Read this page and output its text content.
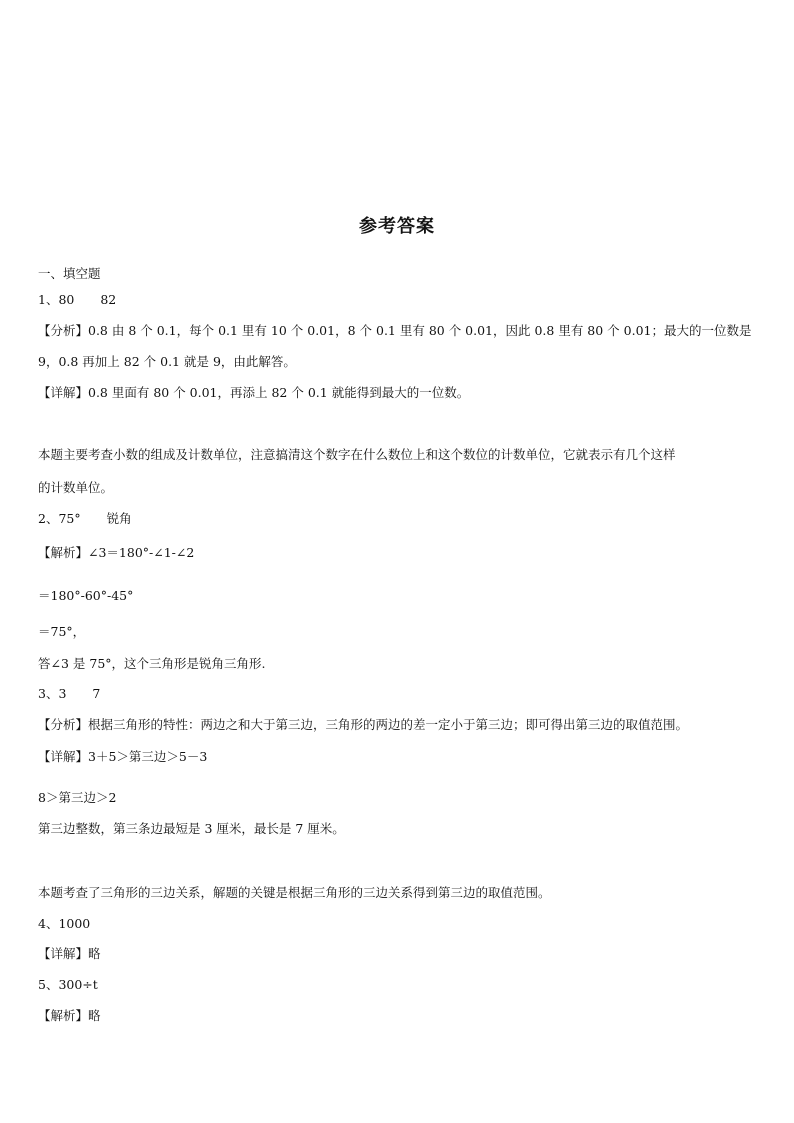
参考答案
一、填空题
1、80 82
【分析】0.8 由 8 个 0.1，每个 0.1 里有 10 个 0.01，8 个 0.1 里有 80 个 0.01，因此 0.8 里有 80 个 0.01；最大的一位数是
9，0.8 再加上 82 个 0.1 就是 9，由此解答。
【详解】0.8 里面有 80 个 0.01，再添上 82 个 0.1 就能得到最大的一位数。
本题主要考查小数的组成及计数单位，注意搞清这个数字在什么数位上和这个数位的计数单位，它就表示有几个这样
的计数单位。
2、75° 锐角
【解析】∠3＝180°-∠1-∠2
＝180°-60°-45°
＝75°，
答∠3 是 75°，这个三角形是锐角三角形.
3、3 7
【分析】根据三角形的特性：两边之和大于第三边，三角形的两边的差一定小于第三边；即可得出第三边的取值范围。
【详解】3＋5＞第三边＞5－3
8＞第三边＞2
第三边整数，第三条边最短是 3 厘米，最长是 7 厘米。
本题考查了三角形的三边关系，解题的关键是根据三角形的三边关系得到第三边的取值范围。
4、1000
【详解】略
5、300÷t
【解析】略
